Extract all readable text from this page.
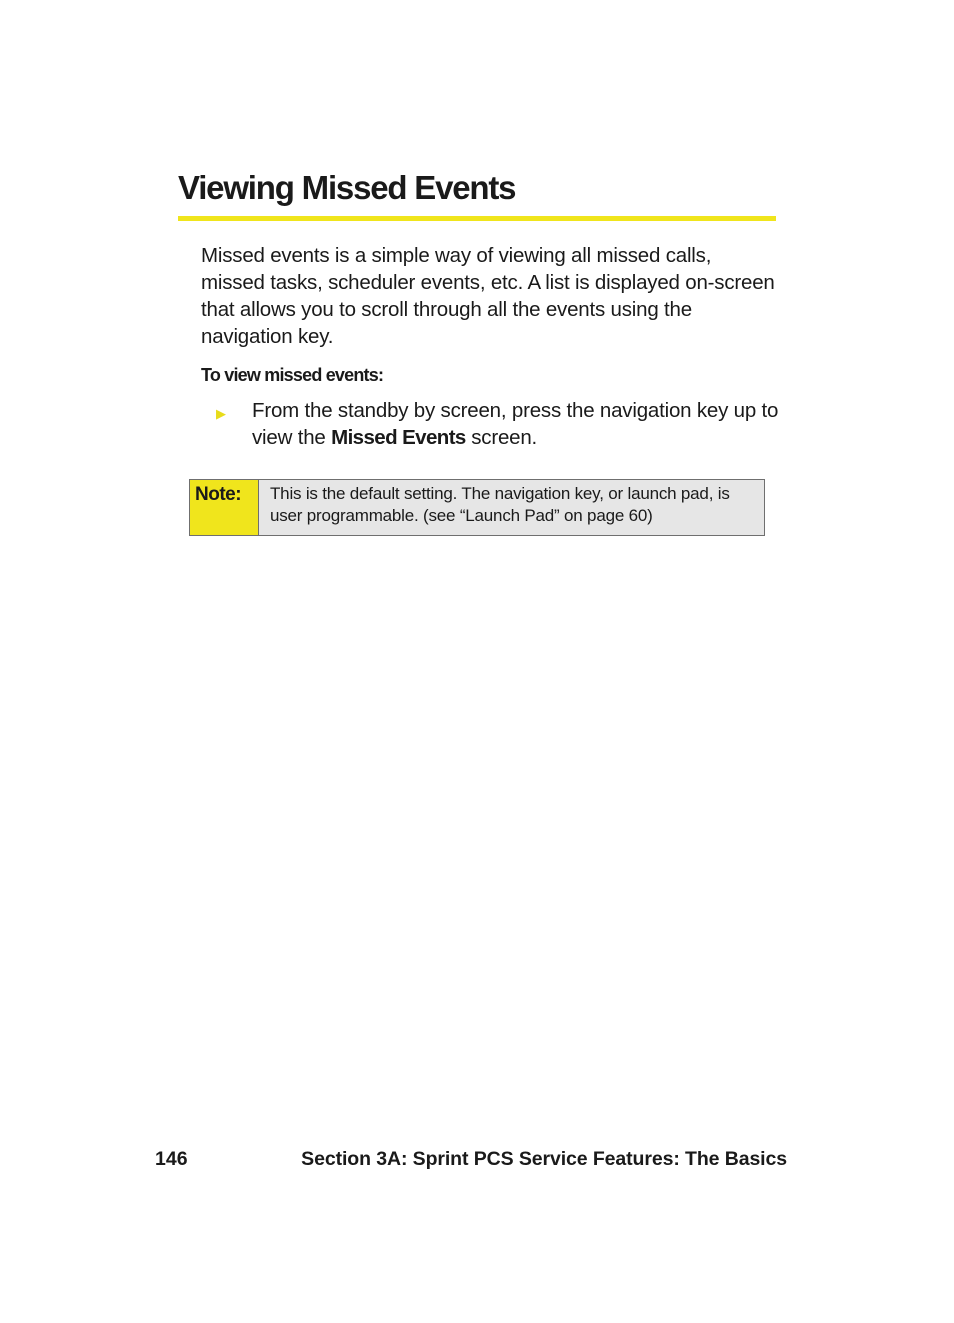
Viewing Missed Events

Missed events is a simple way of viewing all missed calls, missed tasks, scheduler events, etc. A list is displayed on-screen that allows you to scroll through all the events using the navigation key.

To view missed events:

▶	From the standby by screen, press the navigation key up to view the Missed Events screen.
Note:	This is the default setting. The navigation key, or launch pad, is user programmable. (see “Launch Pad” on page 60)
146	Section 3A: Sprint PCS Service Features: The Basics
